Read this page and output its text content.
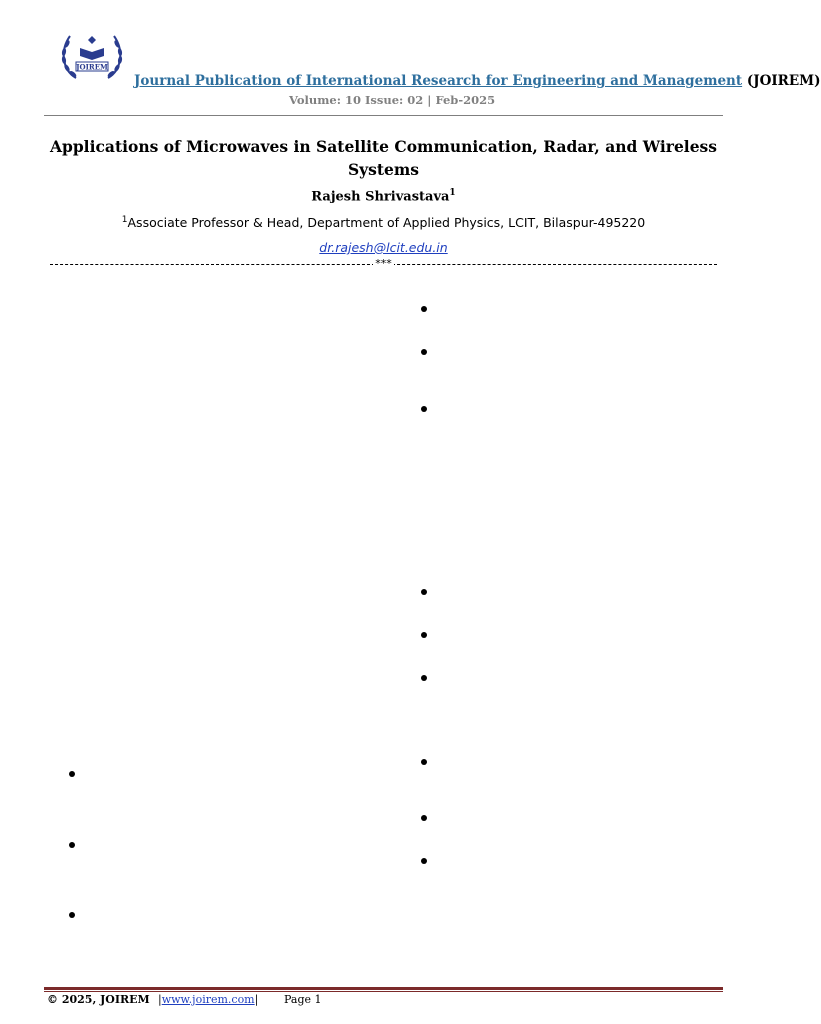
JOIREM
Journal Publication of International Research for Engineering and Management (JOIREM)
Volume: 10 Issue: 02 | Feb-2025
Applications of Microwaves in Satellite Communication, Radar, and Wireless Systems
Rajesh Shrivastava$^1$
$^1$Associate Professor & Head, Department of Applied Physics, LCIT, Bilaspur-495220
dr.rajesh@lcit.edu.in
***
© 2025, JOIREM |www.joirem.com| Page 1
